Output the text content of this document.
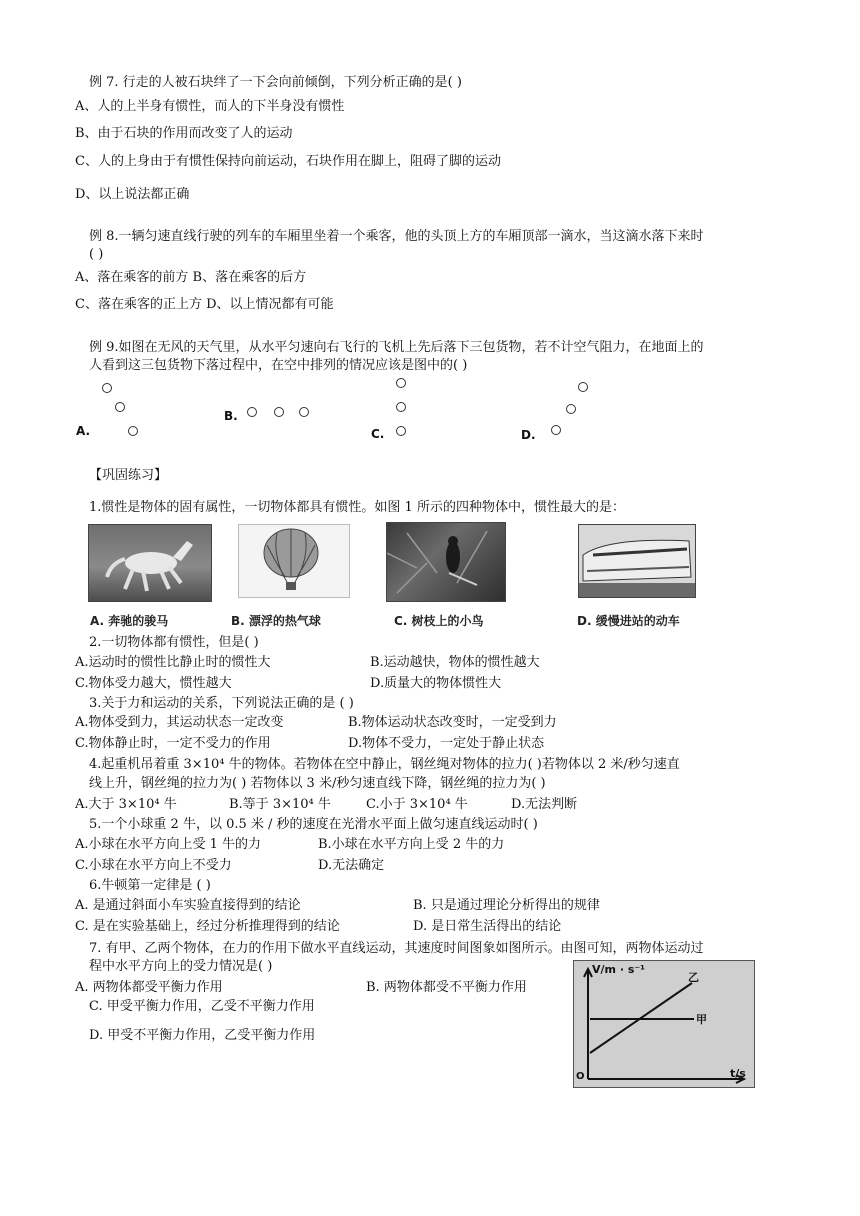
例 7. 行走的人被石块绊了一下会向前倾倒，下列分析正确的是( )
A、人的上半身有惯性，而人的下半身没有惯性
B、由于石块的作用而改变了人的运动
C、人的上身由于有惯性保持向前运动，石块作用在脚上，阻碍了脚的运动
D、以上说法都正确
例 8.一辆匀速直线行驶的列车的车厢里坐着一个乘客，他的头顶上方的车厢顶部一滴水，当这滴水落下来时
( )
A、落在乘客的前方 B、落在乘客的后方
C、落在乘客的正上方 D、以上情况都有可能
例 9.如图在无风的天气里，从水平匀速向右飞行的飞机上先后落下三包货物，若不计空气阻力，在地面上的
人看到这三包货物下落过程中，在空中排列的情况应该是图中的( )
A.
B.
C.	D.
【巩固练习】
1.惯性是物体的固有属性，一切物体都具有惯性。如图 1 所示的四种物体中，惯性最大的是：
A. 奔驰的骏马	B. 漂浮的热气球	C. 树枝上的小鸟	D. 缓慢进站的动车
2.一切物体都有惯性，但是( )
A.运动时的惯性比静止时的惯性大	B.运动越快，物体的惯性越大
C.物体受力越大，惯性越大	D.质量大的物体惯性大
3.关于力和运动的关系，下列说法正确的是 ( )
A.物体受到力，其运动状态一定改变	B.物体运动状态改变时，一定受到力
C.物体静止时，一定不受力的作用	D.物体不受力，一定处于静止状态
4.起重机吊着重 3×10⁴ 牛的物体。若物体在空中静止，钢丝绳对物体的拉力( )若物体以 2 米/秒匀速直
线上升，钢丝绳的拉力为( ) 若物体以 3 米/秒匀速直线下降，钢丝绳的拉力为( )
A.大于 3×10⁴ 牛	B.等于 3×10⁴ 牛	C.小于 3×10⁴ 牛	D.无法判断
5.一个小球重 2 牛，以 0.5 米 / 秒的速度在光滑水平面上做匀速直线运动时( )
A.小球在水平方向上受 1 牛的力	B.小球在水平方向上受 2 牛的力
C.小球在水平方向上不受力	D.无法确定
6.牛顿第一定律是 ( )
A. 是通过斜面小车实验直接得到的结论	B. 只是通过理论分析得出的规律
C. 是在实验基础上，经过分析推理得到的结论	D. 是日常生活得出的结论
7. 有甲、乙两个物体，在力的作用下做水平直线运动，其速度时间图象如图所示。由图可知，两物体运动过
程中水平方向上的受力情况是( )
A. 两物体都受平衡力作用	B. 两物体都受不平衡力作用
C. 甲受平衡力作用，乙受不平衡力作用
D. 甲受不平衡力作用，乙受平衡力作用
V/m · s⁻¹
t/s
甲
乙
O
